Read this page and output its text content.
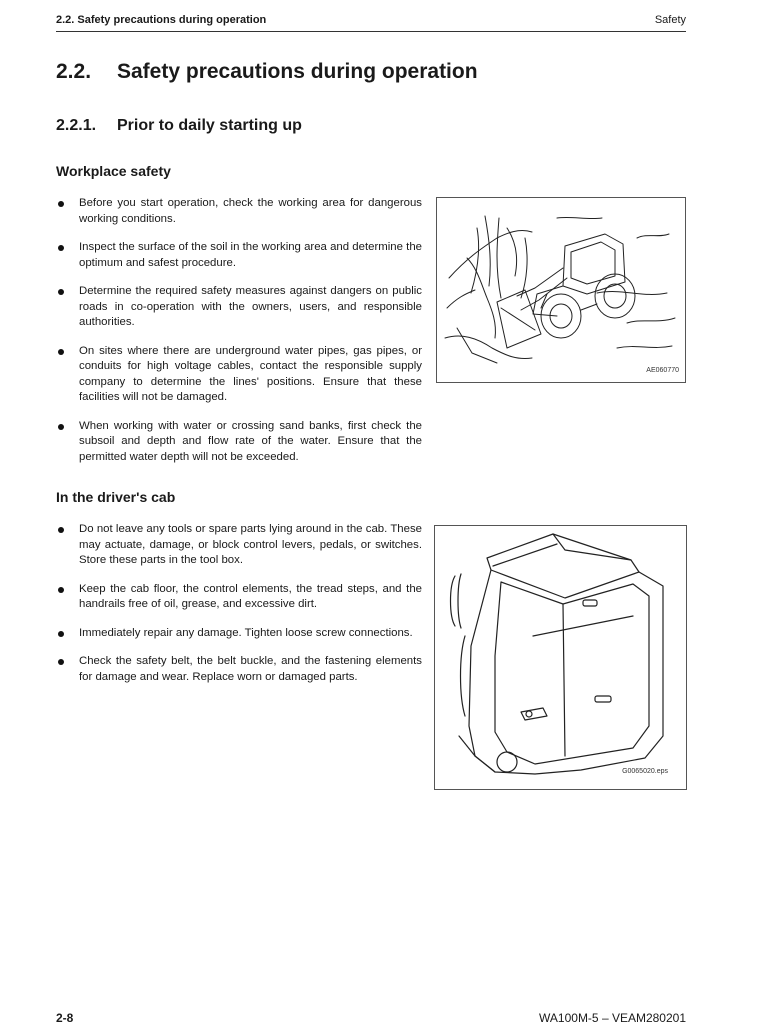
2.2. Safety precautions during operation	Safety
2.2. Safety precautions during operation
2.2.1. Prior to daily starting up
Workplace safety
Before you start operation, check the working area for dangerous working conditions.
Inspect the surface of the soil in the working area and determine the optimum and safest procedure.
Determine the required safety measures against dangers on public roads in co-operation with the owners, users, and responsible authorities.
On sites where there are underground water pipes, gas pipes, or conduits for high voltage cables, contact the responsible supply company to determine the lines' positions. Ensure that these facilities will not be damaged.
When working with water or crossing sand banks, first check the subsoil and depth and flow rate of the water. Ensure that the permitted water depth will not be exceeded.
AE060770
In the driver's cab
Do not leave any tools or spare parts lying around in the cab. These may actuate, damage, or block control levers, pedals, or switches. Store these parts in the tool box.
Keep the cab floor, the control elements, the tread steps, and the handrails free of oil, grease, and excessive dirt.
Immediately repair any damage. Tighten loose screw connections.
Check the safety belt, the belt buckle, and the fastening elements for damage and wear. Replace worn or damaged parts.
G0065020.eps
2-8	WA100M-5 – VEAM280201
